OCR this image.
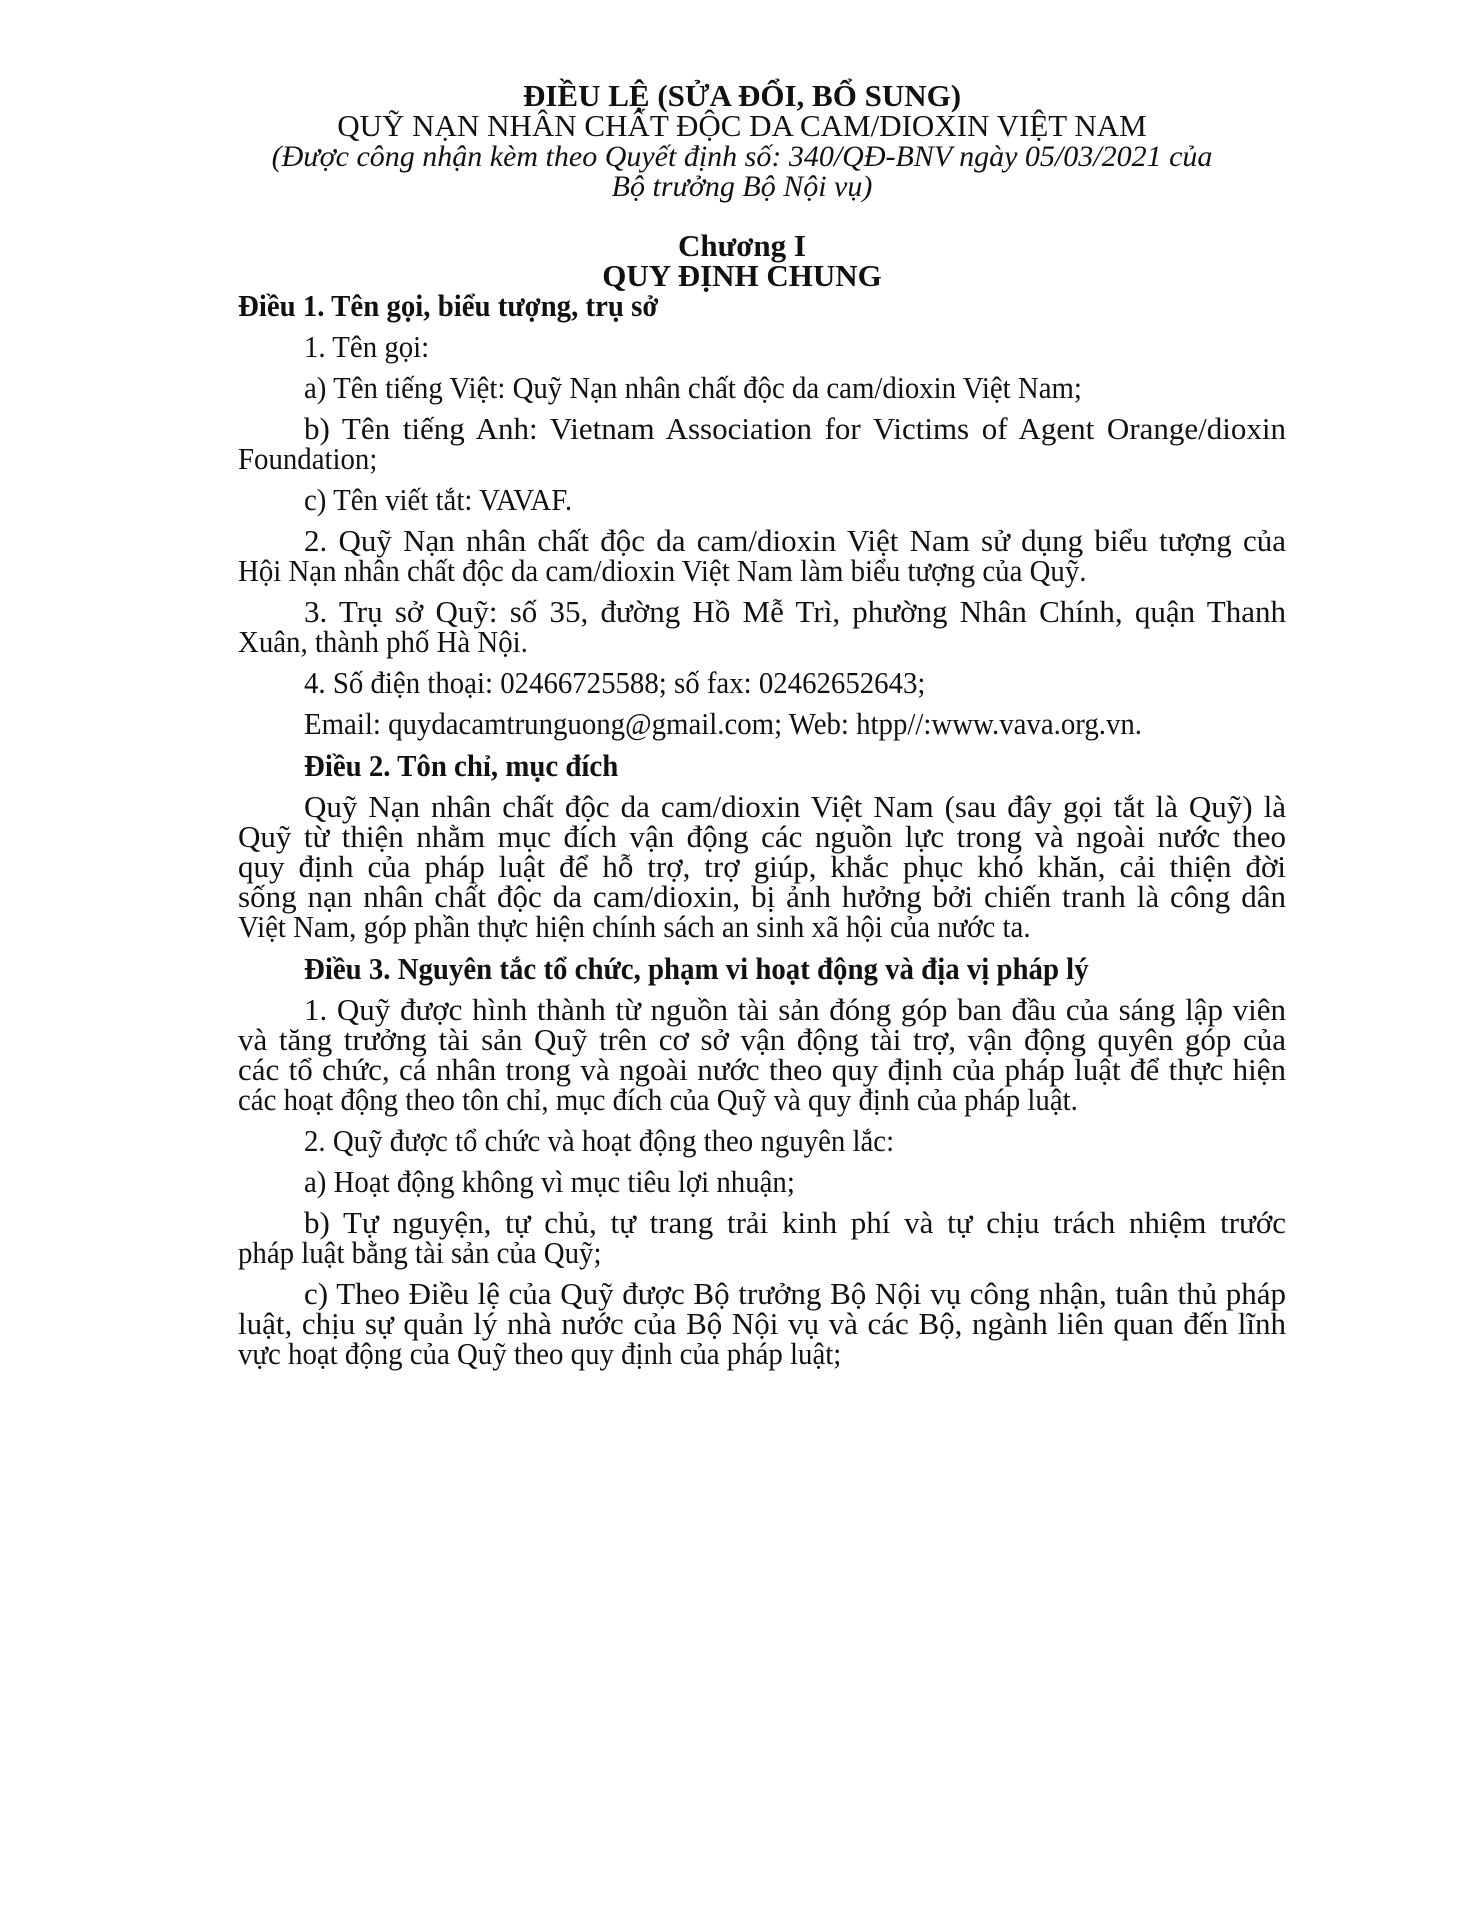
ĐIỀU LỆ (SỬA ĐỔI, BỔ SUNG)
QUỸ NẠN NHÂN CHẤT ĐỘC DA CAM/DIOXIN VIỆT NAM
(Được công nhận kèm theo Quyết định số: 340/QĐ-BNV ngày 05/03/2021 của
Bộ trưởng Bộ Nội vụ)
Chương I
QUY ĐỊNH CHUNG
Điều 1. Tên gọi, biểu tượng, trụ sở
1. Tên gọi:
a) Tên tiếng Việt: Quỹ Nạn nhân chất độc da cam/dioxin Việt Nam;
b) Tên tiếng Anh: Vietnam Association for Victims of Agent Orange/dioxin
Foundation;
c) Tên viết tắt: VAVAF.
2. Quỹ Nạn nhân chất độc da cam/dioxin Việt Nam sử dụng biểu tượng của
Hội Nạn nhân chất độc da cam/dioxin Việt Nam làm biểu tượng của Quỹ.
3. Trụ sở Quỹ: số 35, đường Hồ Mễ Trì, phường Nhân Chính, quận Thanh
Xuân, thành phố Hà Nội.
4. Số điện thoại: 02466725588; số fax: 02462652643;
Email: quydacamtrunguong@gmail.com; Web: htpp//:www.vava.org.vn.
Điều 2. Tôn chỉ, mục đích
Quỹ Nạn nhân chất độc da cam/dioxin Việt Nam (sau đây gọi tắt là Quỹ) là
Quỹ từ thiện nhằm mục đích vận động các nguồn lực trong và ngoài nước theo
quy định của pháp luật để hỗ trợ, trợ giúp, khắc phục khó khăn, cải thiện đời
sống nạn nhân chất độc da cam/dioxin, bị ảnh hưởng bởi chiến tranh là công dân
Việt Nam, góp phần thực hiện chính sách an sinh xã hội của nước ta.
Điều 3. Nguyên tắc tổ chức, phạm vi hoạt động và địa vị pháp lý
1. Quỹ được hình thành từ nguồn tài sản đóng góp ban đầu của sáng lập viên
và tăng trưởng tài sản Quỹ trên cơ sở vận động tài trợ, vận động quyên góp của
các tổ chức, cá nhân trong và ngoài nước theo quy định của pháp luật để thực hiện
các hoạt động theo tôn chỉ, mục đích của Quỹ và quy định của pháp luật.
2. Quỹ được tổ chức và hoạt động theo nguyên lắc:
a) Hoạt động không vì mục tiêu lợi nhuận;
b) Tự nguyện, tự chủ, tự trang trải kinh phí và tự chịu trách nhiệm trước
pháp luật bằng tài sản của Quỹ;
c) Theo Điều lệ của Quỹ được Bộ trưởng Bộ Nội vụ công nhận, tuân thủ pháp
luật, chịu sự quản lý nhà nước của Bộ Nội vụ và các Bộ, ngành liên quan đến lĩnh
vực hoạt động của Quỹ theo quy định của pháp luật;
